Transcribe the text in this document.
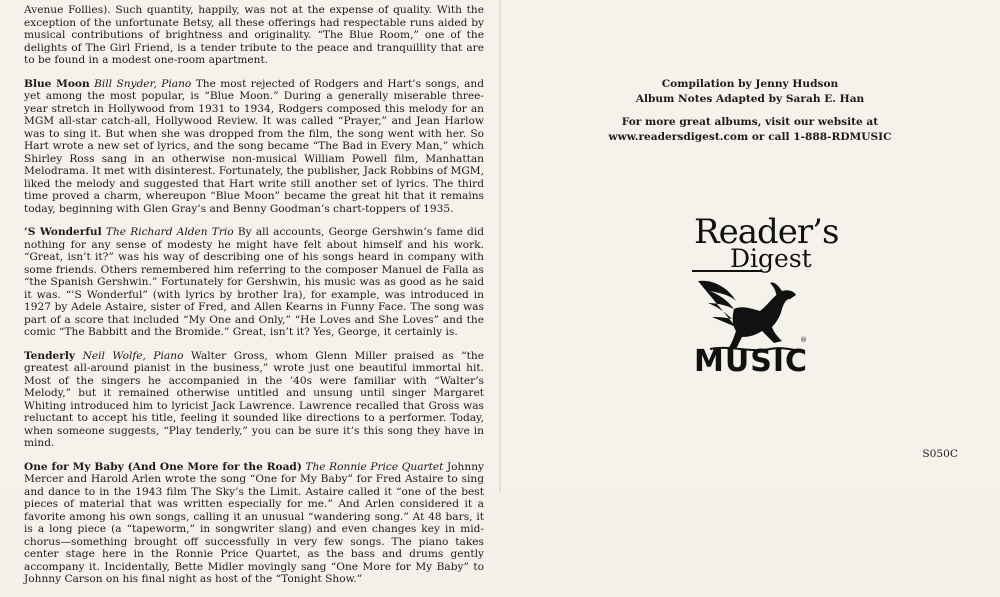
Avenue Follies). Such quantity, happily, was not at the expense of quality. With the exception of the unfortunate Betsy, all these offerings had respectable runs aided by musical contributions of brightness and originality. “The Blue Room,” one of the delights of The Girl Friend, is a tender tribute to the peace and tranquillity that are to be found in a modest one-room apartment.

Blue Moon Bill Snyder, Piano The most rejected of Rodgers and Hart’s songs, and yet among the most popular, is “Blue Moon.” During a generally miserable three-year stretch in Hollywood from 1931 to 1934, Rodgers composed this melody for an MGM all-star catch-all, Hollywood Review. It was called “Prayer,” and Jean Harlow was to sing it. But when she was dropped from the film, the song went with her. So Hart wrote a new set of lyrics, and the song became “The Bad in Every Man,” which Shirley Ross sang in an otherwise non-musical William Powell film, Manhattan Melodrama. It met with disinterest. Fortunately, the publisher, Jack Robbins of MGM, liked the melody and suggested that Hart write still another set of lyrics. The third time proved a charm, whereupon “Blue Moon” became the great hit that it remains today, beginning with Glen Gray’s and Benny Goodman’s chart-toppers of 1935.

’S Wonderful The Richard Alden Trio By all accounts, George Gershwin’s fame did nothing for any sense of modesty he might have felt about himself and his work. “Great, isn’t it?” was his way of describing one of his songs heard in company with some friends. Others remembered him referring to the composer Manuel de Falla as “the Spanish Gershwin.” Fortunately for Gershwin, his music was as good as he said it was. “’S Wonderful” (with lyrics by brother Ira), for example, was introduced in 1927 by Adele Astaire, sister of Fred, and Allen Kearns in Funny Face. The song was part of a score that included “My One and Only,” “He Loves and She Loves” and the comic “The Babbitt and the Bromide.” Great, isn’t it? Yes, George, it certainly is.

Tenderly Neil Wolfe, Piano Walter Gross, whom Glenn Miller praised as “the greatest all-around pianist in the business,” wrote just one beautiful immortal hit. Most of the singers he accompanied in the ’40s were familiar with “Walter’s Melody,” but it remained otherwise untitled and unsung until singer Margaret Whiting introduced him to lyricist Jack Lawrence. Lawrence recalled that Gross was reluctant to accept his title, feeling it sounded like directions to a performer. Today, when someone suggests, “Play tenderly,” you can be sure it’s this song they have in mind.

One for My Baby (And One More for the Road) The Ronnie Price Quartet Johnny Mercer and Harold Arlen wrote the song “One for My Baby” for Fred Astaire to sing and dance to in the 1943 film The Sky’s the Limit. Astaire called it “one of the best pieces of material that was written especially for me.” And Arlen considered it a favorite among his own songs, calling it an unusual “wandering song.” At 48 bars, it is a long piece (a “tapeworm,” in songwriter slang) and even changes key in mid-chorus—something brought off successfully in very few songs. The piano takes center stage here in the Ronnie Price Quartet, as the bass and drums gently accompany it. Incidentally, Bette Midler movingly sang “One More for My Baby” to Johnny Carson on his final night as host of the “Tonight Show.”

Compilation by Jenny Hudson
Album Notes Adapted by Sarah E. Han
For more great albums, visit our website at
www.readersdigest.com or call 1-888-RDMUSIC
Reader’s
Digest
MUSIC
®
S050C
